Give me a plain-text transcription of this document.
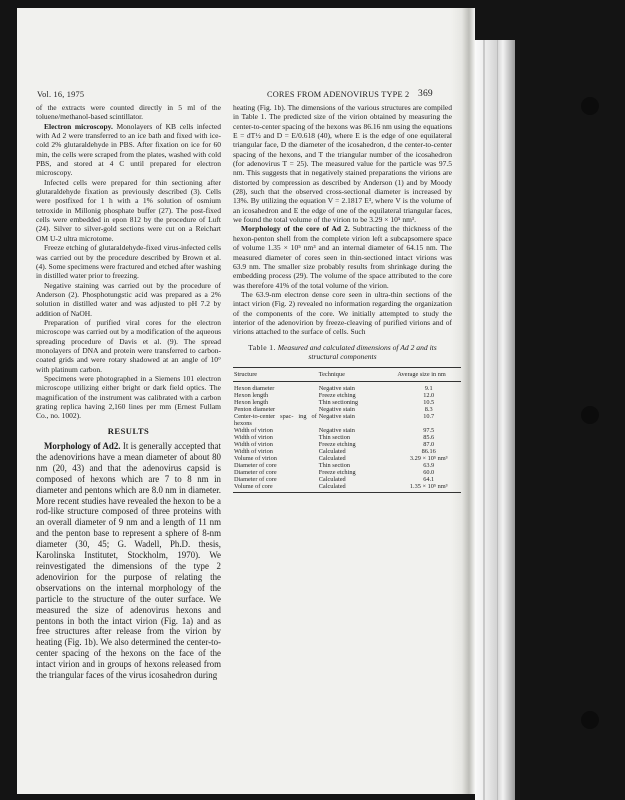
Vol. 16, 1975	CORES FROM ADENOVIRUS TYPE 2 369

of the extracts were counted directly in 5 ml of the toluene/methanol-based scintillator.

Electron microscopy. Monolayers of KB cells infected with Ad 2 were transferred to an ice bath and fixed with ice-cold 2% glutaraldehyde in PBS. After fixation on ice for 60 min, the cells were scraped from the plates, washed with cold PBS, and stored at 4 C until prepared for electron microscopy.

Infected cells were prepared for thin sectioning after glutaraldehyde fixation as previously described (3). Cells were postfixed for 1 h with a 1% solution of osmium tetroxide in Millonig phosphate buffer (27). The post-fixed cells were embedded in epon 812 by the procedure of Luft (24). Silver to silver-gold sections were cut on a Reichart OM U-2 ultra microtome.

Freeze etching of glutaraldehyde-fixed virus-infected cells was carried out by the procedure described by Brown et al. (4). Some specimens were fractured and etched after washing in distilled water prior to freezing.

Negative staining was carried out by the procedure of Anderson (2). Phosphotungstic acid was prepared as a 2% solution in distilled water and was adjusted to pH 7.2 by addition of NaOH.

Preparation of purified viral cores for the electron microscope was carried out by a modification of the aqueous spreading procedure of Davis et al. (9). The spread monolayers of DNA and protein were transferred to carbon-coated grids and were rotary shadowed at an angle of 10° with platinum carbon.

Specimens were photographed in a Siemens 101 electron microscope utilizing either bright or dark field optics. The magnification of the instrument was calibrated with a carbon grating replica having 2,160 lines per mm (Ernest Fullam Co., no. 1002).

RESULTS

Morphology of Ad2. It is generally accepted that the adenovirions have a mean diameter of about 80 nm (20, 43) and that the adenovirus capsid is composed of hexons which are 7 to 8 nm in diameter and pentons which are 8.0 nm in diameter. More recent studies have revealed the hexon to be a rod-like structure composed of three proteins with an overall diameter of 9 nm and a length of 11 nm and the penton base to represent a sphere of 8-nm diameter (30, 45; G. Wadell, Ph.D. thesis, Karolinska Institutet, Stockholm, 1970). We reinvestigated the dimensions of the type 2 adenovirion for the purpose of relating the observations on the internal morphology of the particle to the structure of the outer surface. We measured the size of adenovirus hexons and pentons in both the intact virion (Fig. 1a) and as free structures after release from the virion by heating (Fig. 1b). We also determined the center-to-center spacing of the hexons on the face of the intact virion and in groups of hexons released from the triangular faces of the virus icosahedron during

heating (Fig. 1b). The dimensions of the various structures are compiled in Table 1. The predicted size of the virion obtained by measuring the center-to-center spacing of the hexons was 86.16 nm using the equations E = dT½ and D = E/0.618 (40), where E is the edge of one equilateral triangular face, D the diameter of the icosahedron, d the center-to-center spacing of the hexons, and T the triangular number of the icosahedron (for adenovirus T = 25). The measured value for the particle was 97.5 nm. This suggests that in negatively stained preparations the virions are distorted by compression as described by Anderson (1) and by Moody (28), such that the observed cross-sectional diameter is increased by 13%. By utilizing the equation V = 2.1817 E³, where V is the volume of an icosahedron and E the edge of one of the equilateral triangular faces, we found the total volume of the virion to be 3.29 × 10⁵ nm³.

Morphology of the core of Ad 2. Subtracting the thickness of the hexon-penton shell from the complete virion left a subcapsomere space of volume 1.35 × 10⁵ nm³ and an internal diameter of 64.15 nm. The measured diameter of cores seen in thin-sectioned intact virions was 63.9 nm. The smaller size probably results from shrinkage during the embedding process (29). The volume of the space attributed to the core was therefore 41% of the total volume of the virion.

The 63.9-nm electron dense core seen in ultra-thin sections of the intact virion (Fig. 2) revealed no information regarding the organization of the components of the core. We initially attempted to study the interior of the adenovirion by freeze-cleaving of purified virions and of virions attached to the surface of cells. Such

Table 1. Measured and calculated dimensions of Ad 2 and its structural components
Structure	Technique	Average size in nm
Hexon diameter	Negative stain	9.1
Hexon length	Freeze etching	12.0
Hexon length	Thin sectioning	10.5
Penton diameter	Negative stain	8.3
Center-to-center spac- ing of hexons	Negative stain	10.7
Width of virion	Negative stain	97.5
Width of virion	Thin section	85.6
Width of virion	Freeze etching	87.0
Width of virion	Calculated	86.16
Volume of virion	Calculated	3.29 × 10⁵ nm³
Diameter of core	Thin section	63.9
Diameter of core	Freeze etching	60.0
Diameter of core	Calculated	64.1
Volume of core	Calculated	1.35 × 10⁵ nm³
